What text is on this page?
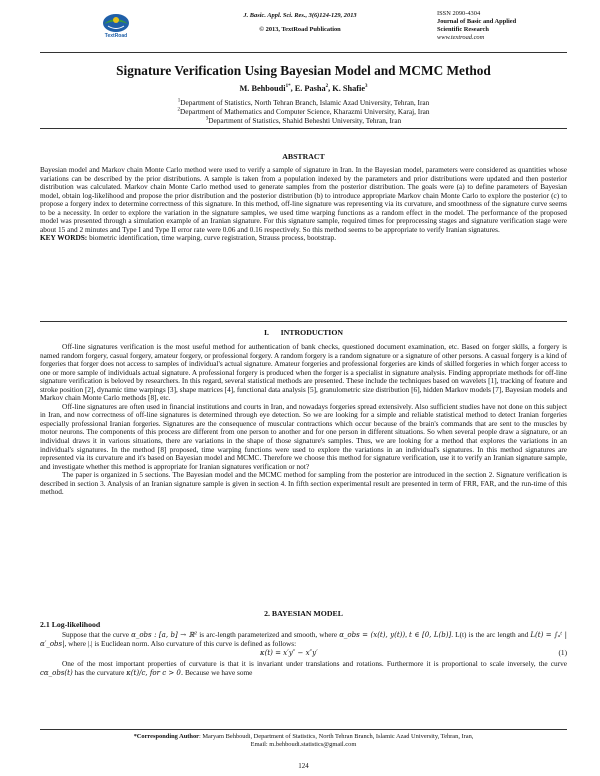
TextRoad
J. Basic. Appl. Sci. Res., 3(6)124-129, 2013
© 2013, TextRoad Publication
ISSN 2090-4304
Journal of Basic and Applied
Scientific Research
www.textroad.com
Signature Verification Using Bayesian Model and MCMC Method
M. Behboudi$^{1*}$, E. Pasha$^2$, K. Shafie$^3$
$^1$Department of Statistics, North Tehran Branch, Islamic Azad University, Tehran, Iran
$^2$Department of Mathematics and Computer Science, Kharazmi University, Karaj, Iran
$^3$Department of Statistics, Shahid Beheshti University, Tehran, Iran
ABSTRACT

Bayesian model and Markov chain Monte Carlo method were used to verify a sample of signature in Iran. In the Bayesian model, parameters were considered as quantities whose variations can be described by the prior distributions. A sample is taken from a population indexed by the parameters and prior distributions were updated and then posterior distribution was calculated. Markov chain Monte Carlo method used to generate samples from the posterior distribution. The goals were (a) to define parameters of Bayesian model, obtain log-likelihood and propose the prior distribution and the posterior distribution (b) to introduce appropriate Markov chain Monte Carlo to explore the posterior (c) to propose a forgery index to determine correctness of this signature. In this method, off-line signature was representing via its curvature, and smoothness of the signature curve seems to be a necessity. In order to explore the variation in the signature samples, we used time warping functions as a random effect in the model. The performance of the proposed model was presented through a simulation example of an Iranian signature. For this signature sample, required times for preprocessing stages and signature verification stage were about 15 and 2 minutes and Type I and Type II error rate were 0.06 and 0.16 respectively. So this method seems to be appropriate to verify Iranian signatures.

KEY WORDS: biometric identification, time warping, curve registration, Strauss process, bootstrap.

I.      INTRODUCTION

Off-line signatures verification is the most useful method for authentication of bank checks, questioned document examination, etc. Based on forger skills, a forgery is named random forgery, casual forgery, amateur forgery, or professional forgery. A random forgery is a random signature or a signature of other persons. A casual forgery is a kind of forgeries that forger does not access to samples of individual's actual signature. Amateur forgeries and professional forgeries are kinds of skilled forgeries in which forger access to one or more sample of individuals actual signature. A professional forgery is produced when the forger is a specialist in signature analysis. Finding appropriate methods for off-line signature verification is beloved by researchers. In this regard, several statistical methods are presented. These include the techniques based on wavelets [1], tracking of feature and stroke position [2], dynamic time warpings [3], shape matrices [4], functional data analysis [5], granulometric size distribution [6], hidden Markov models [7], Bayesian models and Markov chain Monte Carlo methods [8], etc.

Off-line signatures are often used in financial institutions and courts in Iran, and nowadays forgeries spread extensively. Also sufficient studies have not done on this subject in Iran, and now correctness of off-line signatures is determined through eye detection. So we are looking for a simple and reliable statistical method to detect Iranian forgeries especially professional Iranian forgeries. Signatures are the consequence of muscular contractions which occur because of the brain's commands that are sent to the muscles by motor neurons. The components of this process are different from one person to another and for one person in different situations. So when several people draw a signature, or an individual draws it in various situations, there are variations in the shape of those signature's samples. Thus, we are looking for a method that explores the variations in an individual's signatures. In the method [8] proposed, time warping functions were used to explore the variations in an individual's signatures. In this method signatures are represented via its curvature and it's based on Bayesian model and MCMC. Therefore we choose this method for signature verification, use it to verify an Iranian signature sample, and investigate whether this method is appropriate for Iranian signatures verification or not?

The paper is organized in 5 sections. The Bayesian model and the MCMC method for sampling from the posterior are introduced in the section 2. Signature verification is described in section 3. Analysis of an Iranian signature sample is given in section 4. In fifth section experimental result are presented in term of FRR, FAR, and the run-time of this method.

2. BAYESIAN MODEL
2.1 Log-likelihood

Suppose that the curve α_obs : [a, b] → ℝ² is arc-length parameterized and smooth, where α_obs = (x(t), y(t)), t ∈ [0, L(b)]. L(t) is the arc length and L(t) = ∫ₐᵗ |α′_obs|, where |.| is Euclidean norm. Also curvature of this curve is defined as follows:

κ(t) = x′y″ − x″y′	(1)

One of the most important properties of curvature is that it is invariant under translations and rotations. Furthermore it is proportional to scale inversely, the curve cα_obs(t) has the curvature κ(t)/c, for c > 0. Because we have some

*Corresponding Author: Maryam Behboudi, Department of Statistics, North Tehran Branch, Islamic Azad University, Tehran, Iran,
Email: m.behboudi.statistics@gmail.com
124
